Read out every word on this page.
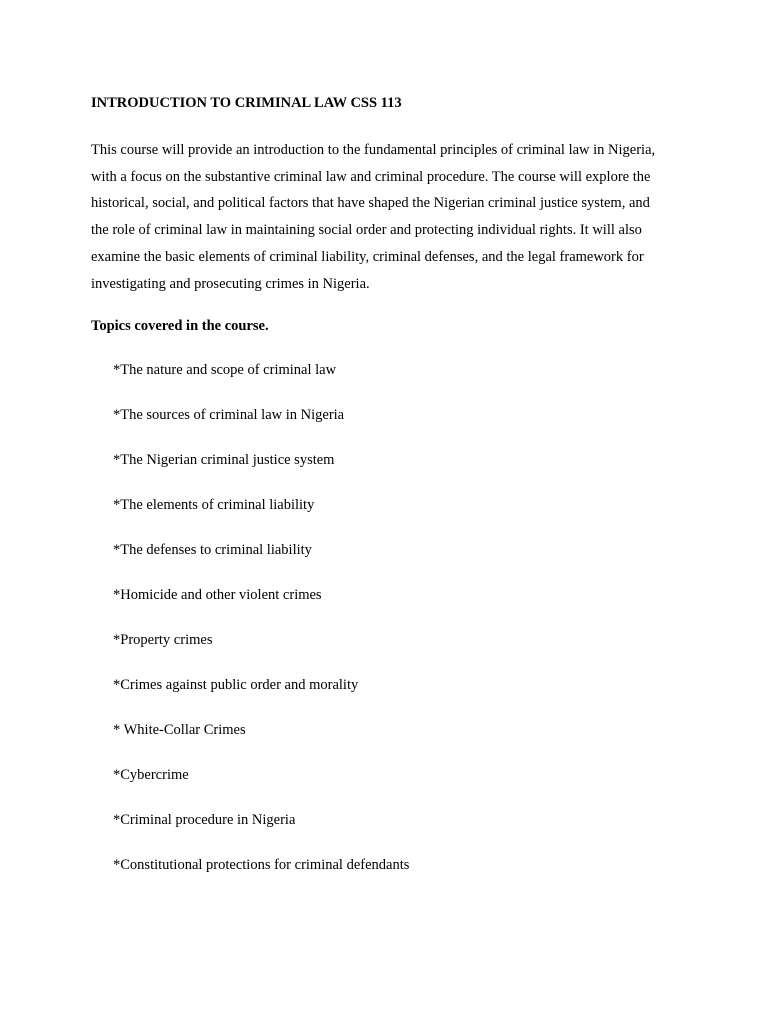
INTRODUCTION TO CRIMINAL LAW CSS 113

This course will provide an introduction to the fundamental principles of criminal law in Nigeria,
with a focus on the substantive criminal law and criminal procedure. The course will explore the
historical, social, and political factors that have shaped the Nigerian criminal justice system, and
the role of criminal law in maintaining social order and protecting individual rights. It will also
examine the basic elements of criminal liability, criminal defenses, and the legal framework for
investigating and prosecuting crimes in Nigeria.

Topics covered in the course.
*The nature and scope of criminal law
*The sources of criminal law in Nigeria
*The Nigerian criminal justice system
*The elements of criminal liability
*The defenses to criminal liability
*Homicide and other violent crimes
*Property crimes
*Crimes against public order and morality
* White-Collar Crimes
*Cybercrime
*Criminal procedure in Nigeria
*Constitutional protections for criminal defendants
